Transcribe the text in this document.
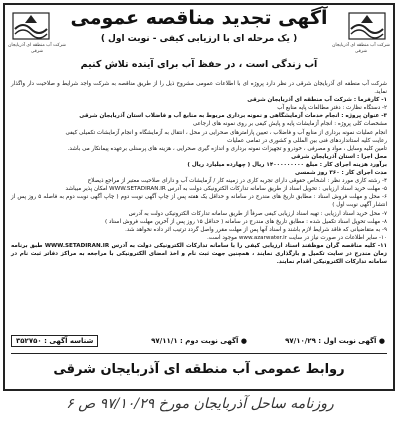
شرکت آب منطقه ای آذربایجان شرقی
آگهی تجدید مناقصه عمومی
( یک مرحله ای با ارزیابی کیفی - نوبت اول )
شرکت آب منطقه ای آذربایجان شرقی
آب زندگی است ، در حفظ آب برای آینده تلاش کنیم

شرکت آب منطقه ای آذربایجان شرقی در نظر دارد پروژه ای با اطلاعات عمومی مشروح ذیل را از طریق مناقصه به شرکت واجد شرایط و صلاحیت دار واگذار نماید.

۱- کارفرما : شرکت آب منطقه ای آذربایجان شرقی

۲- دستگاه نظارت : دفتر مطالعات پایه منابع آب

۳- عنوان پروژه : انجام خدمات آزمایشگاهی و نمونه برداری مربوط به منابع آب و فاضلاب استان آذربایجان شرقی

مشخصات کلی پروژه : انجام آزمایشات پایه و پایش کیفی بر روی نمونه های ارجاعی

انجام عملیات نمونه برداری از منابع آب و فاضلاب ، تعیین پارامترهای صحرایی در محل ، انتقال به آزمایشگاه و انجام آزمایشات تکمیلی کیفی

رعایت کلیه استانداردهای فنی بین المللی و کشوری در تمامی عملیات

تامین کلیه وسایل ، مواد و مصرفی ، خودرو و تجهیزات نمونه برداری و اندازه گیری صحرایی ، هزینه های پرسنلی برعهده پیمانکار می باشد.

محل اجرا : استان آذربایجان شرقی

برآورد هزینه اجرای کار : مبلغ ۱۴۰۰۰۰۰۰۰۰۰ ریال ( چهارده میلیارد ریال )

مدت اجرای کار : ۳۶۰ روز شمسی

۴- رشته کاری مورد نظر : اشخاص حقوقی دارای تجربه کاری در زمینه کار / آزمایشات آب و دارای صلاحیت معتبر از مراجع ذیصلاح

۵- مهلت خرید اسناد ارزیابی : تحویل اسناد از طریق سامانه تدارکات الکترونیکی دولت به آدرس WWW.SETADIRAN.IR امکان پذیر میباشد

۶- محل و مهلت فروش اسناد : مطابق تاریخ های مندرج در سامانه و حداقل یک هفته پس از چاپ آگهی نوبت دوم ( چاپ آگهی نوبت دوم به فاصله ۵ روز پس از انتشار آگهی نوبت اول )

۷- محل خرید اسناد ارزیابی : تهیه اسناد ارزیابی کیفی صرفاً از طریق سامانه تدارکات الکترونیکی دولت به آدرس

۸- مهلت تحویل اسناد تکمیل شده : مطابق تاریخ های مندرج در سامانه ( حداقل ۱۵ روز پس از آخرین مهلت فروش اسناد )

۹- به متقاضیانی که فاقد شرایط لازم باشند و اسناد آنها پس از مهلت مقرر واصل گردد ترتیب اثر داده نخواهد شد.

۱۰- سایر اطلاعات در صورت نیاز در سایت www.azarwater.ir موجود است.

۱۱- کلیه مناقصه گران موظفند اسناد ارزیابی کیفی را با سامانه تدارکات الکترونیکی دولت به آدرس WWW.SETADIRAN.IR طبق برنامه زمان مندرج در سایت تکمیل و بارگذاری نمایند ، همچنین جهت ثبت نام و اخذ امضای الکترونیکی با مراجعه به مراکز دفاتر ثبت نام در سامانه تدارکات الکترونیکی اقدام نمایند.

● آگهی نوبت اول : ۹۷/۱۰/۲۹
● آگهی نوبت دوم : ۹۷/۱۱/۱
شناسه آگهی : ۳۵۲۷۵۰
روابط عمومی آب منطقه ای آذربایجان شرقی
روزنامه ساحل آذربایجان مورخ ۹۷/۱۰/۲۹ ص ۶
